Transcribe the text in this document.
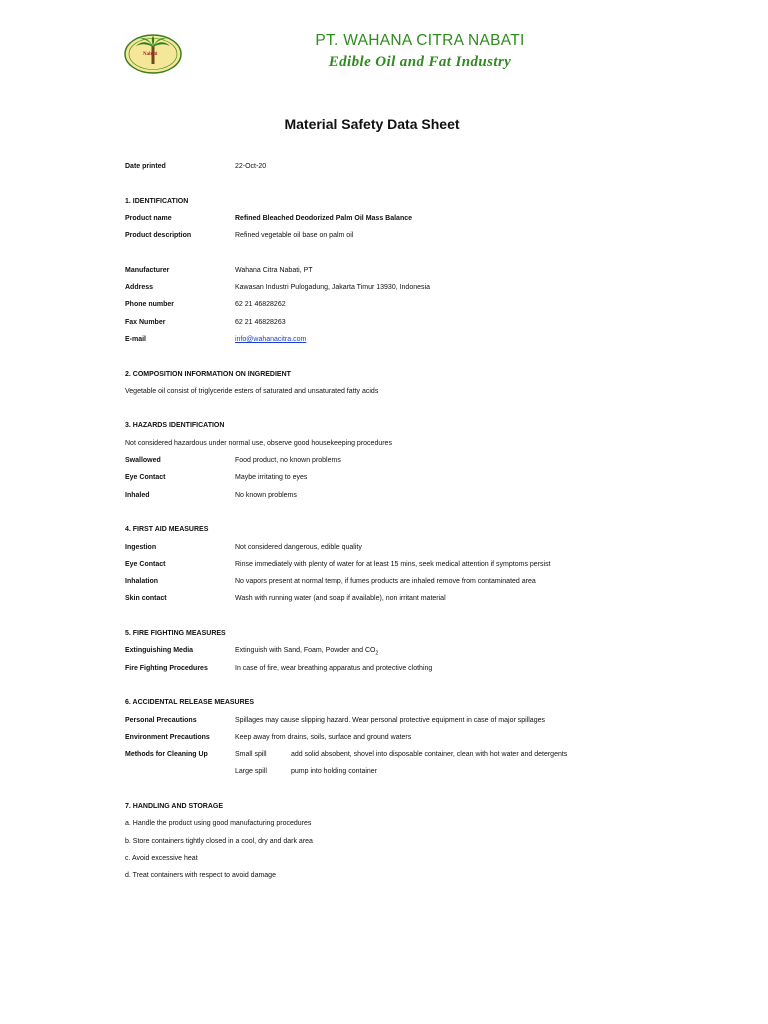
Nabati
PT. WAHANA CITRA NABATI
Edible Oil and Fat Industry
Material Safety Data Sheet
Date printed	22-Oct-20
1. IDENTIFICATION
Product name	Refined Bleached Deodorized Palm Oil Mass Balance
Product description	Refined vegetable oil base on palm oil
Manufacturer	Wahana Citra Nabati, PT
Address	Kawasan Industri Pulogadung, Jakarta Timur 13930, Indonesia
Phone number	62 21 46828262
Fax Number	62 21 46828263
E-mail	info@wahanacitra.com
2. COMPOSITION INFORMATION ON INGREDIENT
Vegetable oil consist of triglyceride esters of saturated and unsaturated fatty acids
3. HAZARDS IDENTIFICATION
Not considered hazardous under normal use, observe good housekeeping procedures
Swallowed	Food product, no known problems
Eye Contact	Maybe irritating to eyes
Inhaled	No known problems
4. FIRST AID MEASURES
Ingestion	Not considered dangerous, edible quality
Eye Contact	Rinse immediately with plenty of water for at least 15 mins, seek medical attention if symptoms persist
Inhalation	No vapors present at normal temp, if fumes products are inhaled remove from contaminated area
Skin contact	Wash with running water (and soap if available), non irritant material
5. FIRE FIGHTING MEASURES
Extinguishing Media	Extinguish with Sand, Foam, Powder and $CO_2$
Fire Fighting Procedures	In case of fire, wear breathing apparatus and protective clothing
6. ACCIDENTAL RELEASE MEASURES
Personal Precautions	Spillages may cause slipping hazard. Wear personal protective equipment in case of major spillages
Environment Precautions	Keep away from drains, soils, surface and ground waters
Methods for Cleaning Up	Small spill	add solid absobent, shovel into disposable container, clean with hot water and detergents
Large spill	pump into holding container
7. HANDLING AND STORAGE
a. Handle the product using good manufacturing procedures
b. Store containers tightly closed in a cool, dry and dark area
c. Avoid excessive heat
d. Treat containers with respect to avoid damage
